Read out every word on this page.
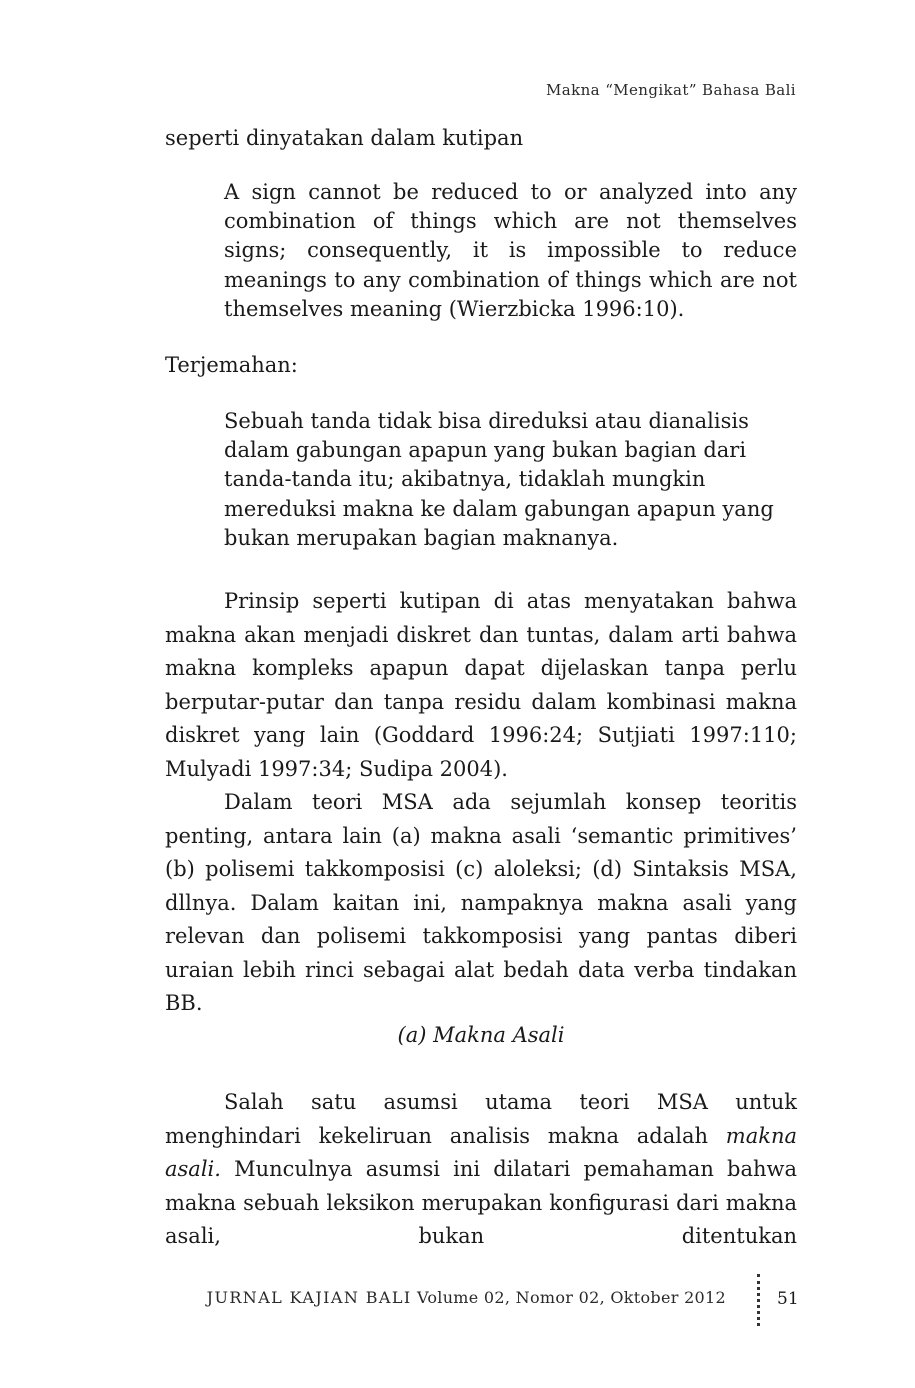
Makna “Mengikat” Bahasa Bali
seperti dinyatakan dalam kutipan

A sign cannot be reduced to or analyzed into any combination of things which are not themselves signs; consequently, it is impossible to reduce meanings to any combination of things which are not themselves meaning (Wierzbicka 1996:10).

Terjemahan:

Sebuah tanda tidak bisa direduksi atau dianalisis dalam gabungan apapun yang bukan bagian dari tanda-tanda itu; akibatnya, tidaklah mungkin mereduksi makna ke dalam gabungan apapun yang bukan merupakan bagian maknanya.

Prinsip seperti kutipan di atas menyatakan bahwa makna akan menjadi diskret dan tuntas, dalam arti bahwa makna kompleks apapun dapat dijelaskan tanpa perlu berputar-putar dan tanpa residu dalam kombinasi makna diskret yang lain (Goddard 1996:24; Sutjiati 1997:110; Mulyadi 1997:34; Sudipa 2004).

Dalam teori MSA ada sejumlah konsep teoritis penting, antara lain (a) makna asali ‘semantic primitives’ (b) polisemi takkomposisi (c) aloleksi; (d) Sintaksis MSA, dllnya. Dalam kaitan ini, nampaknya makna asali yang relevan dan polisemi takkomposisi yang pantas diberi uraian lebih rinci sebagai alat bedah data verba tindakan BB.

(a) Makna Asali

Salah satu asumsi utama teori MSA untuk menghindari kekeliruan analisis makna adalah makna asali. Munculnya asumsi ini dilatari pemahaman bahwa makna sebuah leksikon merupakan konfigurasi dari makna asali, bukan ditentukan

JURNAL KAJIAN BALI Volume 02, Nomor 02, Oktober 2012	51
